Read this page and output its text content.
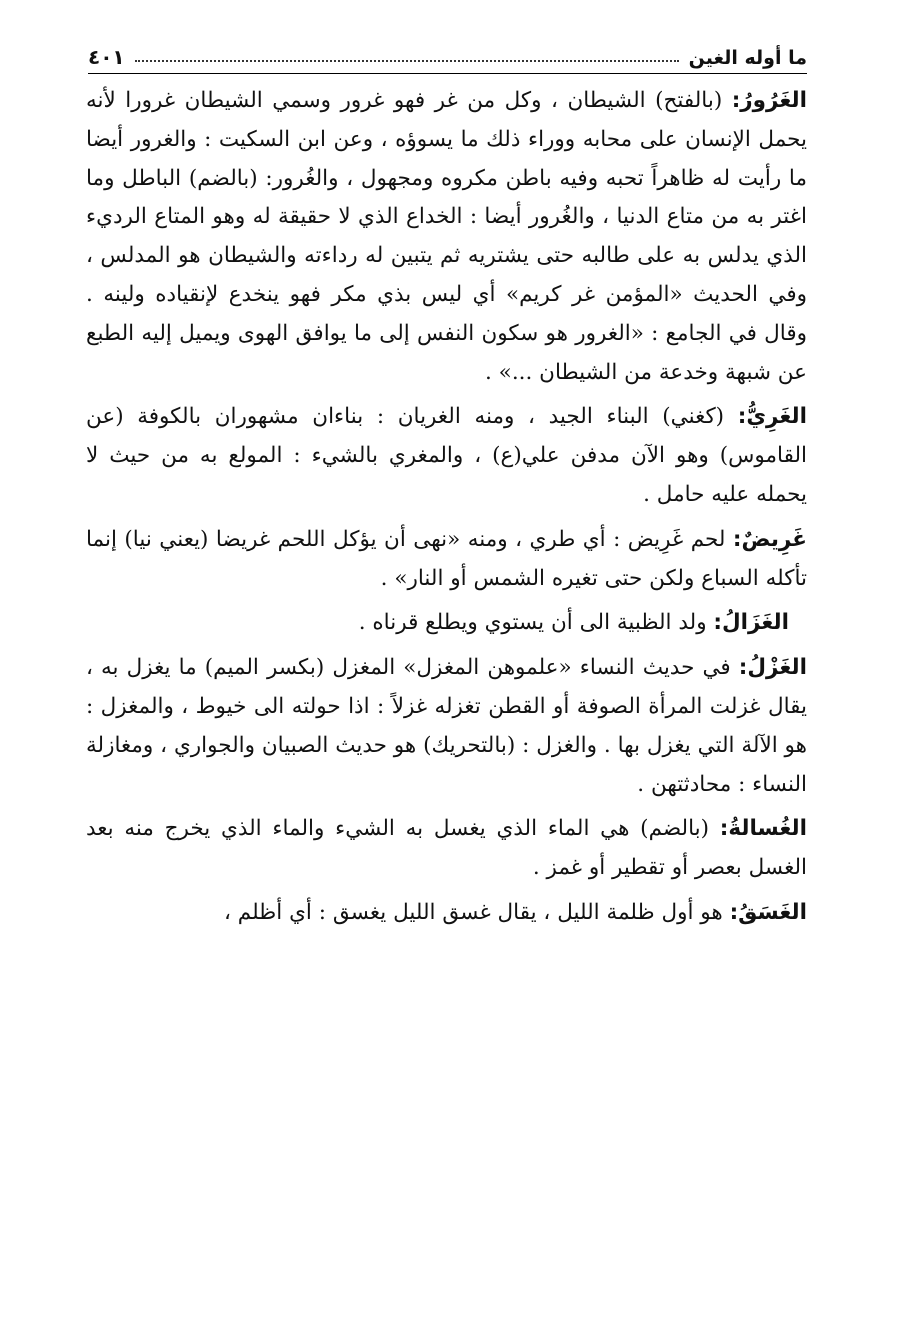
ما أوله الغين
٤٠١

الغَرُورُ: (بالفتح) الشيطان ، وكل من غر فهو غرور وسمي الشيطان غرورا لأنه يحمل الإنسان على محابه ووراء ذلك ما يسوؤه ، وعن ابن السكيت : والغرور أيضا ما رأيت له ظاهراً تحبه وفيه باطن مكروه ومجهول ، والغُرور: (بالضم) الباطل وما اغتر به من متاع الدنيا ، والغُرور أيضا : الخداع الذي لا حقيقة له وهو المتاع الرديء الذي يدلس به على طالبه حتى يشتريه ثم يتبين له رداءته والشيطان هو المدلس ، وفي الحديث «المؤمن غر كريم» أي ليس بذي مكر فهو ينخدع لإنقياده ولينه . وقال في الجامع : «الغرور هو سكون النفس إلى ما يوافق الهوى ويميل إليه الطبع عن شبهة وخدعة من الشيطان ...» .

الغَرِيُّ: (كغني) البناء الجيد ، ومنه الغريان : بناءان مشهوران بالكوفة (عن القاموس) وهو الآن مدفن علي(ع) ، والمغري بالشيء : المولع به من حيث لا يحمله عليه حامل .

غَرِيضٌ: لحم غَرِيض : أي طري ، ومنه «نهى أن يؤكل اللحم غريضا (يعني نيا) إنما تأكله السباع ولكن حتى تغيره الشمس أو النار» .

الغَزَالُ: ولد الظبية الى أن يستوي ويطلع قرناه .

الغَزْلُ: في حديث النساء «علموهن المغزل» المغزل (بكسر الميم) ما يغزل به ، يقال غزلت المرأة الصوفة أو القطن تغزله غزلاً : اذا حولته الى خيوط ، والمغزل : هو الآلة التي يغزل بها . والغزل : (بالتحريك) هو حديث الصبيان والجواري ، ومغازلة النساء : محادثتهن .

الغُسالةُ: (بالضم) هي الماء الذي يغسل به الشيء والماء الذي يخرج منه بعد الغسل بعصر أو تقطير أو غمز .

الغَسَقُ: هو أول ظلمة الليل ، يقال غسق الليل يغسق : أي أظلم ،
